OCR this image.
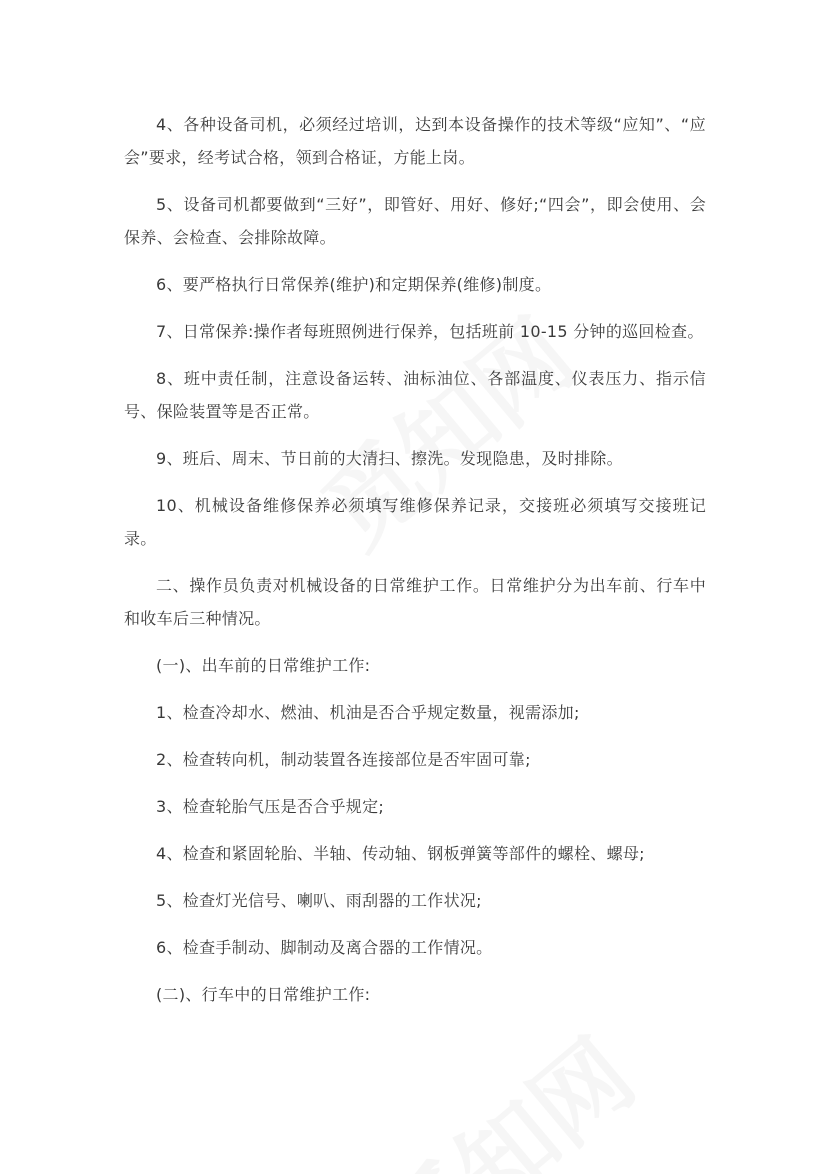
4、各种设备司机，必须经过培训，达到本设备操作的技术等级“应知”、“应会”要求，经考试合格，领到合格证，方能上岗。

5、设备司机都要做到“三好”，即管好、用好、修好;“四会”，即会使用、会保养、会检查、会排除故障。

6、要严格执行日常保养(维护)和定期保养(维修)制度。

7、日常保养:操作者每班照例进行保养，包括班前 10-15 分钟的巡回检查。

8、班中责任制，注意设备运转、油标油位、各部温度、仪表压力、指示信号、保险装置等是否正常。

9、班后、周末、节日前的大清扫、擦洗。发现隐患，及时排除。

10、机械设备维修保养必须填写维修保养记录，交接班必须填写交接班记录。

二、操作员负责对机械设备的日常维护工作。日常维护分为出车前、行车中和收车后三种情况。

(一)、出车前的日常维护工作:

1、检查冷却水、燃油、机油是否合乎规定数量，视需添加;

2、检查转向机，制动装置各连接部位是否牢固可靠;

3、检查轮胎气压是否合乎规定;

4、检查和紧固轮胎、半轴、传动轴、钢板弹簧等部件的螺栓、螺母;

5、检查灯光信号、喇叭、雨刮器的工作状况;

6、检查手制动、脚制动及离合器的工作情况。

(二)、行车中的日常维护工作:
